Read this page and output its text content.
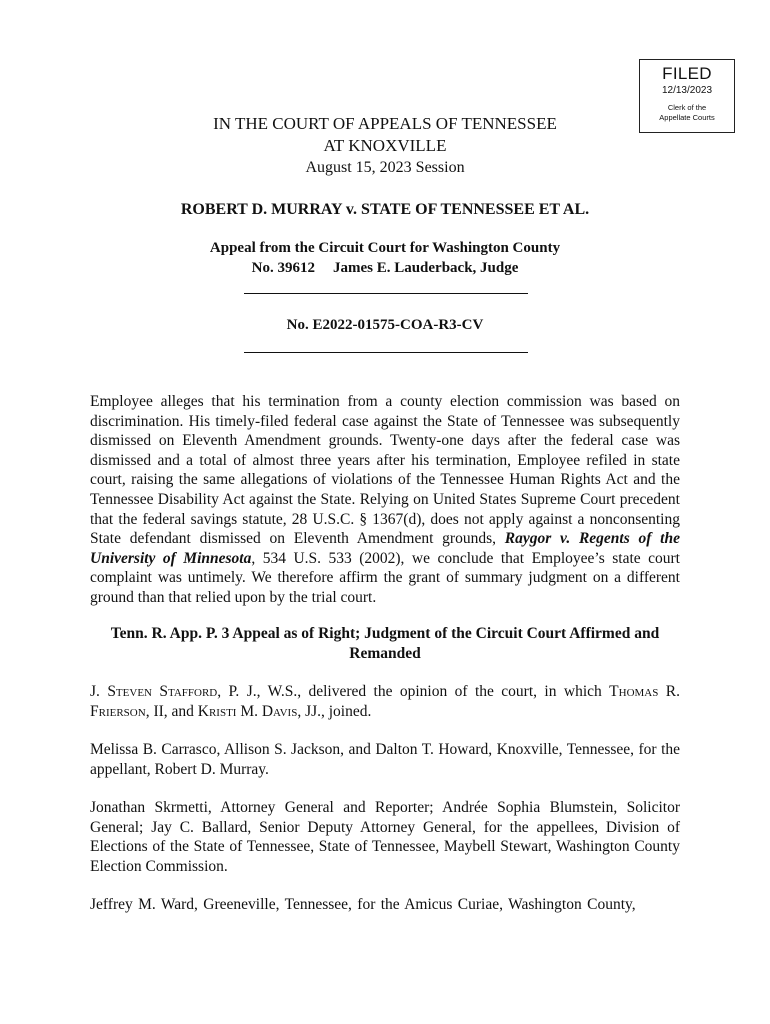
FILED
12/13/2023
Clerk of the
Appellate Courts
IN THE COURT OF APPEALS OF TENNESSEE
AT KNOXVILLE
August 15, 2023 Session
ROBERT D. MURRAY v. STATE OF TENNESSEE ET AL.
Appeal from the Circuit Court for Washington County
No. 39612 James E. Lauderback, Judge
No. E2022-01575-COA-R3-CV
Employee alleges that his termination from a county election commission was based on discrimination. His timely-filed federal case against the State of Tennessee was subsequently dismissed on Eleventh Amendment grounds. Twenty-one days after the federal case was dismissed and a total of almost three years after his termination, Employee refiled in state court, raising the same allegations of violations of the Tennessee Human Rights Act and the Tennessee Disability Act against the State. Relying on United States Supreme Court precedent that the federal savings statute, 28 U.S.C. § 1367(d), does not apply against a nonconsenting State defendant dismissed on Eleventh Amendment grounds, Raygor v. Regents of the University of Minnesota, 534 U.S. 533 (2002), we conclude that Employee’s state court complaint was untimely. We therefore affirm the grant of summary judgment on a different ground than that relied upon by the trial court.
Tenn. R. App. P. 3 Appeal as of Right; Judgment of the Circuit Court Affirmed and Remanded
J. Steven Stafford, P. J., W.S., delivered the opinion of the court, in which Thomas R. Frierson, II, and Kristi M. Davis, JJ., joined.
Melissa B. Carrasco, Allison S. Jackson, and Dalton T. Howard, Knoxville, Tennessee, for the appellant, Robert D. Murray.
Jonathan Skrmetti, Attorney General and Reporter; Andrée Sophia Blumstein, Solicitor General; Jay C. Ballard, Senior Deputy Attorney General, for the appellees, Division of Elections of the State of Tennessee, State of Tennessee, Maybell Stewart, Washington County Election Commission.
Jeffrey M. Ward, Greeneville, Tennessee, for the Amicus Curiae, Washington County,
